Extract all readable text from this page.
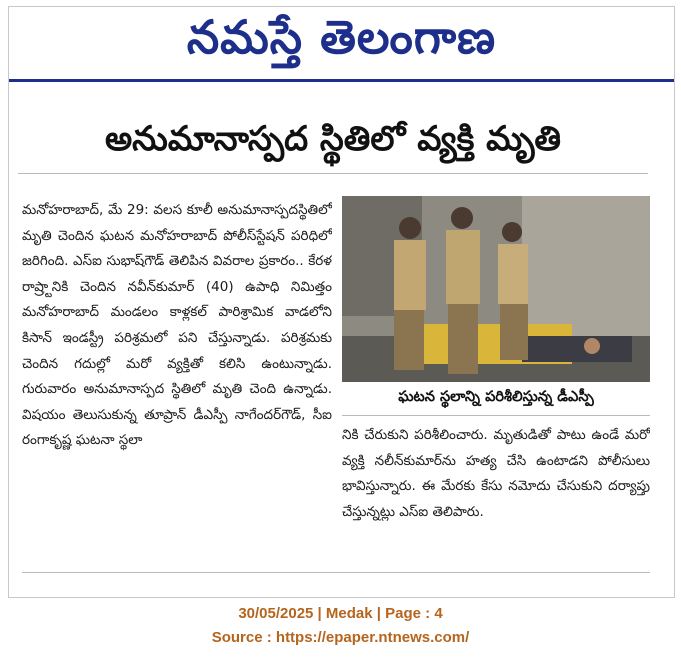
నమస్తే తెలంగాణ
అనుమానాస్పద స్థితిలో వ్యక్తి మృతి
మనోహరాబాద్, మే 29: వలస కూలీ అనుమానాస్పదస్థితిలో మృతి చెందిన ఘటన మనోహరాబాద్ పోలీస్‌స్టేషన్ పరిధిలో జరిగింది. ఎస్‌ఐ సుభాష్‌గౌడ్ తెలిపిన వివరాల ప్రకారం.. కేరళ రాష్ర్టానికి చెందిన నవీన్‌కుమార్ (40) ఉపాధి నిమిత్తం మనోహరాబాద్ మండలం కాళ్లకల్ పారిశ్రామిక వాడలోని కిసాన్ ఇండస్ట్రీ పరిశ్రమలో పని చేస్తున్నాడు. పరిశ్రమకు చెందిన గదుల్లో మరో వ్యక్తితో కలిసి ఉంటున్నాడు. గురువారం అనుమానాస్పద స్థితిలో మృతి చెంది ఉన్నాడు. విషయం తెలుసుకున్న తూప్రాన్ డీఎస్పీ నాగేందర్‌గౌడ్, సీఐ రంగాకృష్ణ ఘటనా స్థలా
ఘటన స్థలాన్ని పరిశీలిస్తున్న డీఎస్పీ
నికి చేరుకుని పరిశీలించారు. మృతుడితో పాటు ఉండే మరో వ్యక్తి నలీన్‌కుమార్‌ను హత్య చేసి ఉంటాడని పోలీసులు భావిస్తున్నారు. ఈ మేరకు కేసు నమోదు చేసుకుని దర్యాప్తు చేస్తున్నట్లు ఎస్‌ఐ తెలిపారు.
30/05/2025 | Medak | Page : 4
Source : https://epaper.ntnews.com/
